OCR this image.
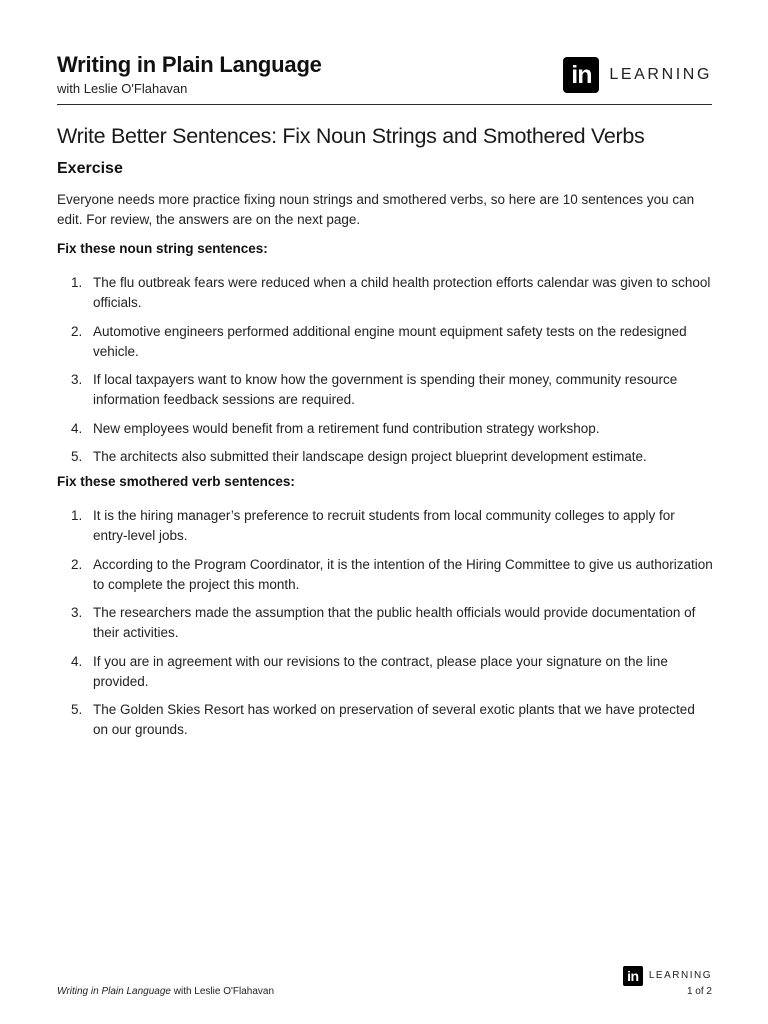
Writing in Plain Language
with Leslie O'Flahavan	in	LEARNING
Write Better Sentences: Fix Noun Strings and Smothered Verbs
Exercise

Everyone needs more practice fixing noun strings and smothered verbs, so here are 10 sentences you can edit. For review, the answers are on the next page.

Fix these noun string sentences:

1. The flu outbreak fears were reduced when a child health protection efforts calendar was given to school officials.
2. Automotive engineers performed additional engine mount equipment safety tests on the redesigned vehicle.
3. If local taxpayers want to know how the government is spending their money, community resource information feedback sessions are required.
4. New employees would benefit from a retirement fund contribution strategy workshop.
5. The architects also submitted their landscape design project blueprint development estimate.

Fix these smothered verb sentences:

1. It is the hiring manager’s preference to recruit students from local community colleges to apply for entry-level jobs.
2. According to the Program Coordinator, it is the intention of the Hiring Committee to give us authorization to complete the project this month.
3. The researchers made the assumption that the public health officials would provide documentation of their activities.
4. If you are in agreement with our revisions to the contract, please place your signature on the line provided.
5. The Golden Skies Resort has worked on preservation of several exotic plants that we have protected on our grounds.
Writing in Plain Language with Leslie O'Flahavan
in	LEARNING
1 of 2
